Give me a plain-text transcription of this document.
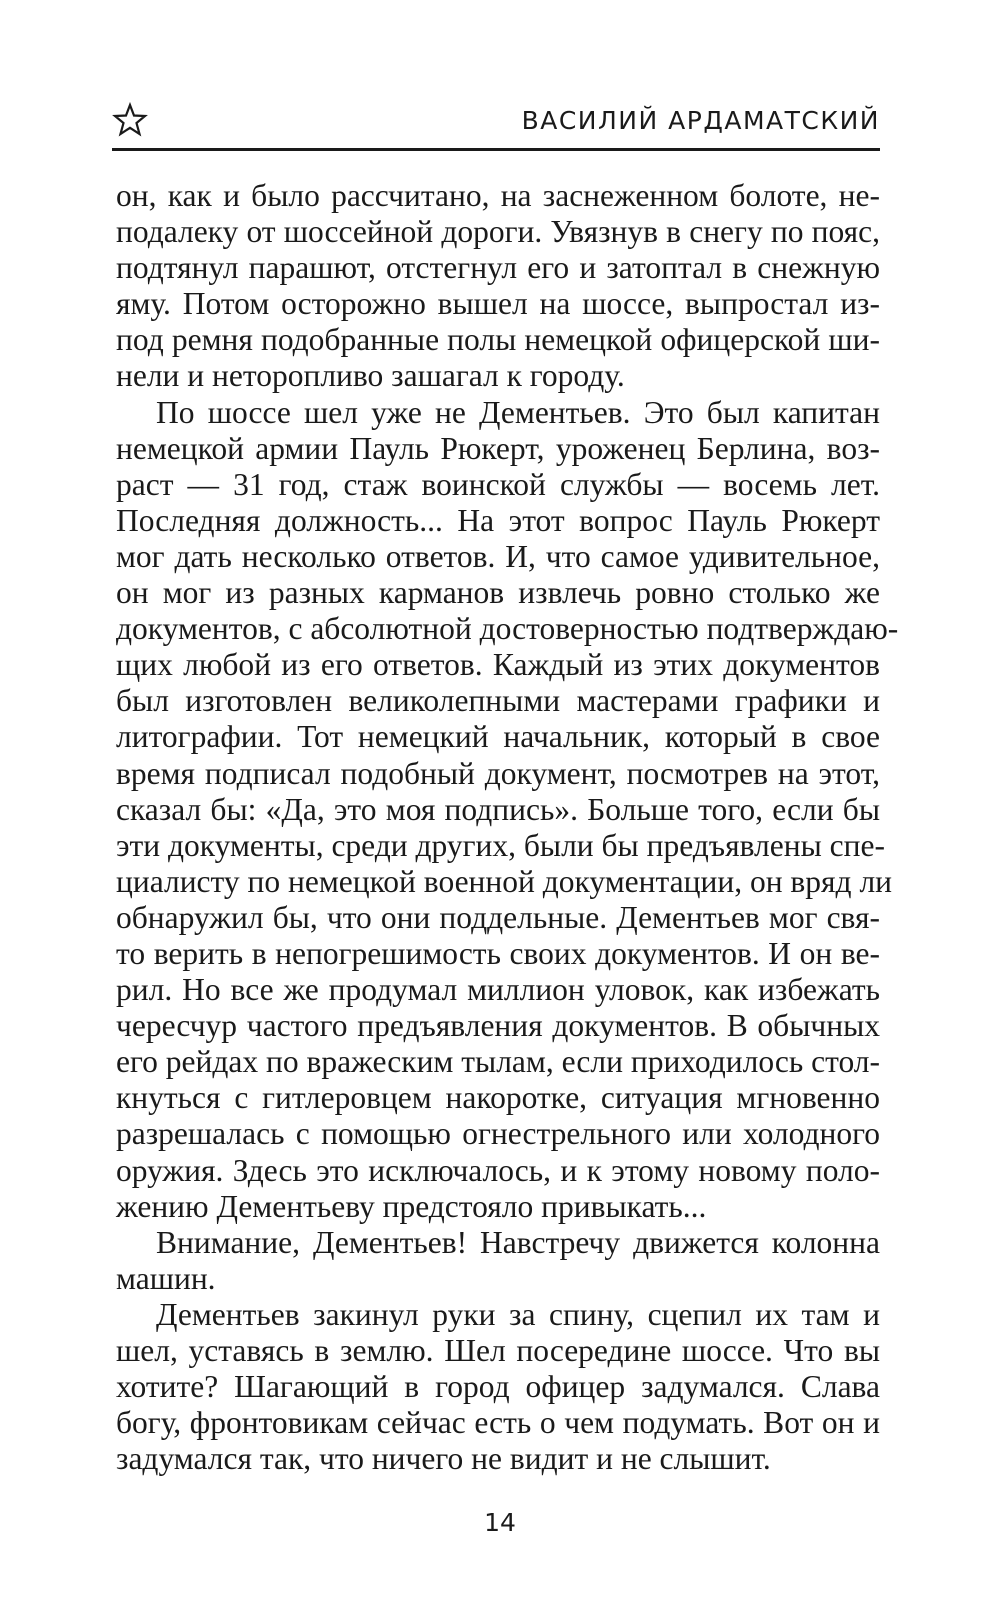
ВАСИЛИЙ АРДАМАТСКИЙ
он, как и было рассчитано, на заснеженном болоте, не-
подалеку от шоссейной дороги. Увязнув в снегу по пояс,
подтянул парашют, отстегнул его и затоптал в снежную
яму. Потом осторожно вышел на шоссе, выпростал из-
под ремня подобранные полы немецкой офицерской ши-
нели и неторопливо зашагал к городу.
По шоссе шел уже не Дементьев. Это был капитан
немецкой армии Пауль Рюкерт, уроженец Берлина, воз-
раст — 31 год, стаж воинской службы — восемь лет.
Последняя должность... На этот вопрос Пауль Рюкерт
мог дать несколько ответов. И, что самое удивительное,
он мог из разных карманов извлечь ровно столько же
документов, с абсолютной достоверностью подтверждаю-
щих любой из его ответов. Каждый из этих документов
был изготовлен великолепными мастерами графики и
литографии. Тот немецкий начальник, который в свое
время подписал подобный документ, посмотрев на этот,
сказал бы: «Да, это моя подпись». Больше того, если бы
эти документы, среди других, были бы предъявлены спе-
циалисту по немецкой военной документации, он вряд ли
обнаружил бы, что они поддельные. Дементьев мог свя-
то верить в непогрешимость своих документов. И он ве-
рил. Но все же продумал миллион уловок, как избежать
чересчур частого предъявления документов. В обычных
его рейдах по вражеским тылам, если приходилось стол-
кнуться с гитлеровцем накоротке, ситуация мгновенно
разрешалась с помощью огнестрельного или холодного
оружия. Здесь это исключалось, и к этому новому поло-
жению Дементьеву предстояло привыкать...
Внимание, Дементьев! Навстречу движется колонна
машин.
Дементьев закинул руки за спину, сцепил их там и
шел, уставясь в землю. Шел посередине шоссе. Что вы
хотите? Шагающий в город офицер задумался. Слава
богу, фронтовикам сейчас есть о чем подумать. Вот он и
задумался так, что ничего не видит и не слышит.
14
